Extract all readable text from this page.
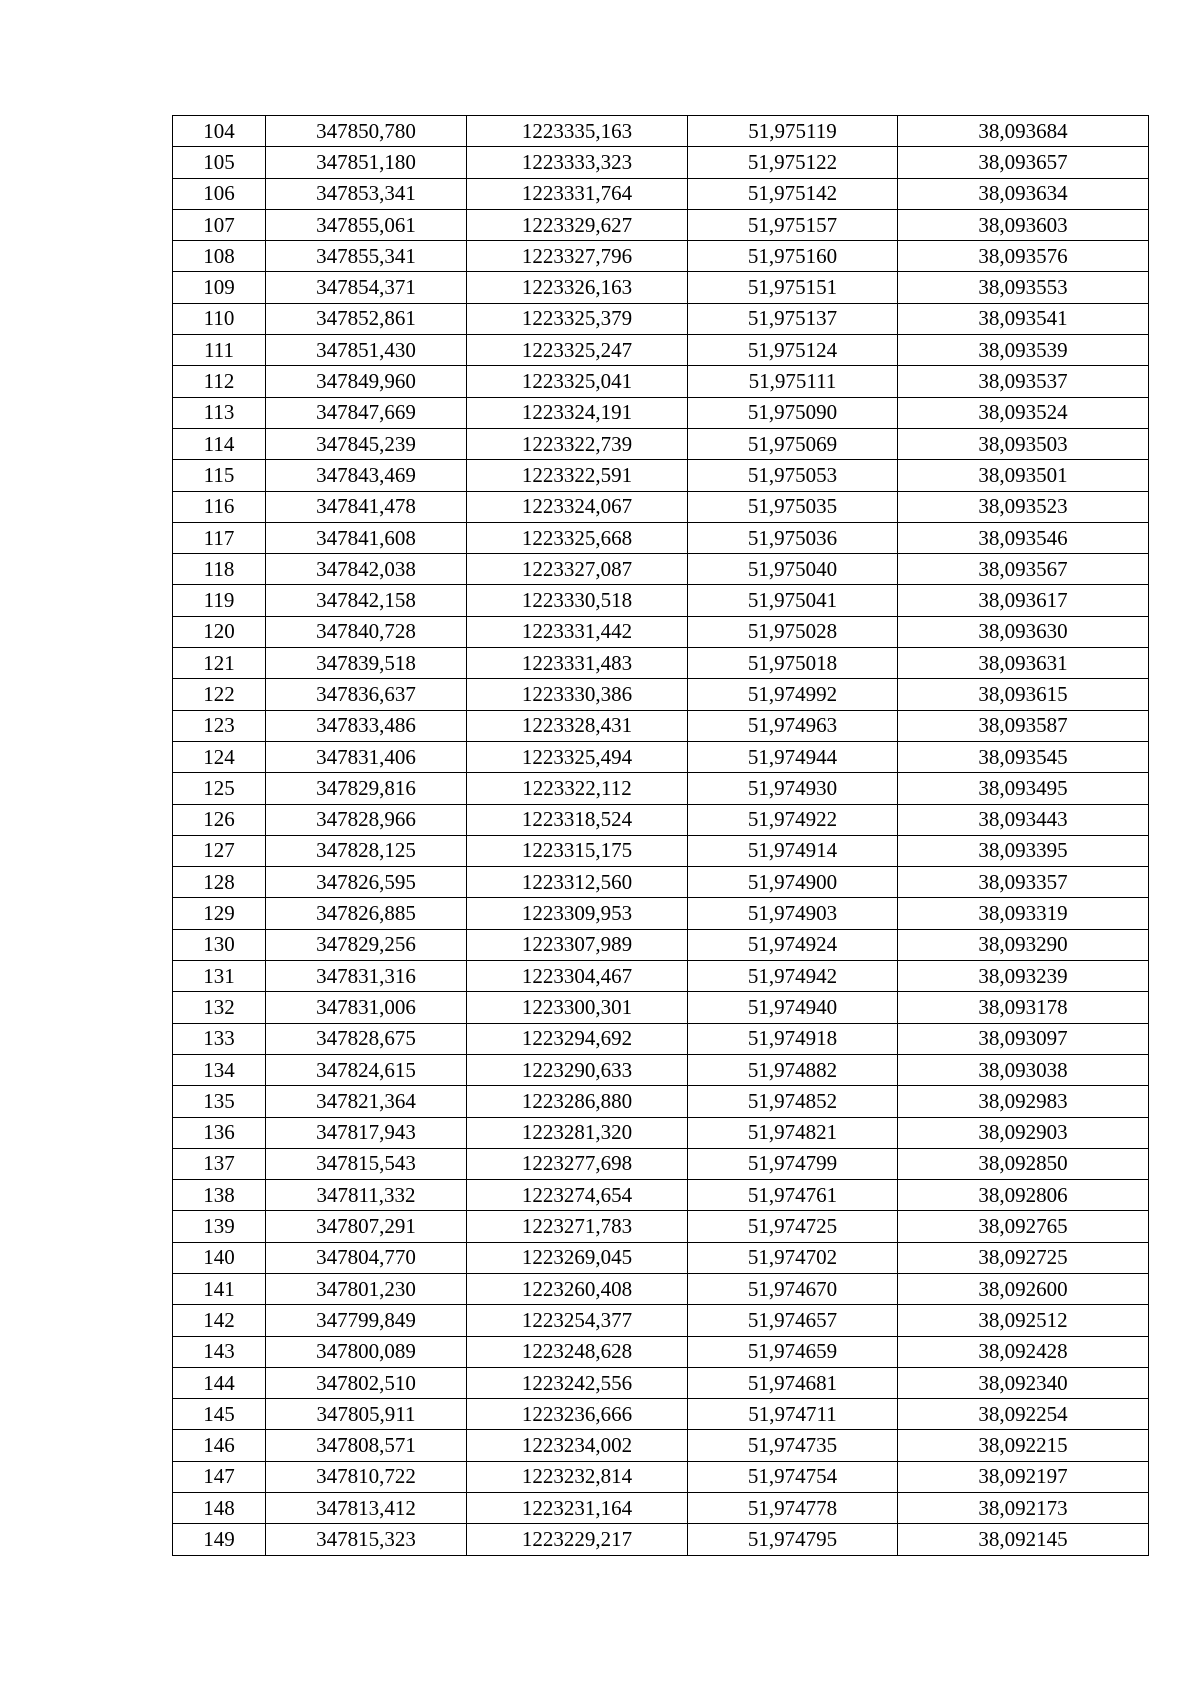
104	347850,780	1223335,163	51,975119	38,093684
105	347851,180	1223333,323	51,975122	38,093657
106	347853,341	1223331,764	51,975142	38,093634
107	347855,061	1223329,627	51,975157	38,093603
108	347855,341	1223327,796	51,975160	38,093576
109	347854,371	1223326,163	51,975151	38,093553
110	347852,861	1223325,379	51,975137	38,093541
111	347851,430	1223325,247	51,975124	38,093539
112	347849,960	1223325,041	51,975111	38,093537
113	347847,669	1223324,191	51,975090	38,093524
114	347845,239	1223322,739	51,975069	38,093503
115	347843,469	1223322,591	51,975053	38,093501
116	347841,478	1223324,067	51,975035	38,093523
117	347841,608	1223325,668	51,975036	38,093546
118	347842,038	1223327,087	51,975040	38,093567
119	347842,158	1223330,518	51,975041	38,093617
120	347840,728	1223331,442	51,975028	38,093630
121	347839,518	1223331,483	51,975018	38,093631
122	347836,637	1223330,386	51,974992	38,093615
123	347833,486	1223328,431	51,974963	38,093587
124	347831,406	1223325,494	51,974944	38,093545
125	347829,816	1223322,112	51,974930	38,093495
126	347828,966	1223318,524	51,974922	38,093443
127	347828,125	1223315,175	51,974914	38,093395
128	347826,595	1223312,560	51,974900	38,093357
129	347826,885	1223309,953	51,974903	38,093319
130	347829,256	1223307,989	51,974924	38,093290
131	347831,316	1223304,467	51,974942	38,093239
132	347831,006	1223300,301	51,974940	38,093178
133	347828,675	1223294,692	51,974918	38,093097
134	347824,615	1223290,633	51,974882	38,093038
135	347821,364	1223286,880	51,974852	38,092983
136	347817,943	1223281,320	51,974821	38,092903
137	347815,543	1223277,698	51,974799	38,092850
138	347811,332	1223274,654	51,974761	38,092806
139	347807,291	1223271,783	51,974725	38,092765
140	347804,770	1223269,045	51,974702	38,092725
141	347801,230	1223260,408	51,974670	38,092600
142	347799,849	1223254,377	51,974657	38,092512
143	347800,089	1223248,628	51,974659	38,092428
144	347802,510	1223242,556	51,974681	38,092340
145	347805,911	1223236,666	51,974711	38,092254
146	347808,571	1223234,002	51,974735	38,092215
147	347810,722	1223232,814	51,974754	38,092197
148	347813,412	1223231,164	51,974778	38,092173
149	347815,323	1223229,217	51,974795	38,092145
